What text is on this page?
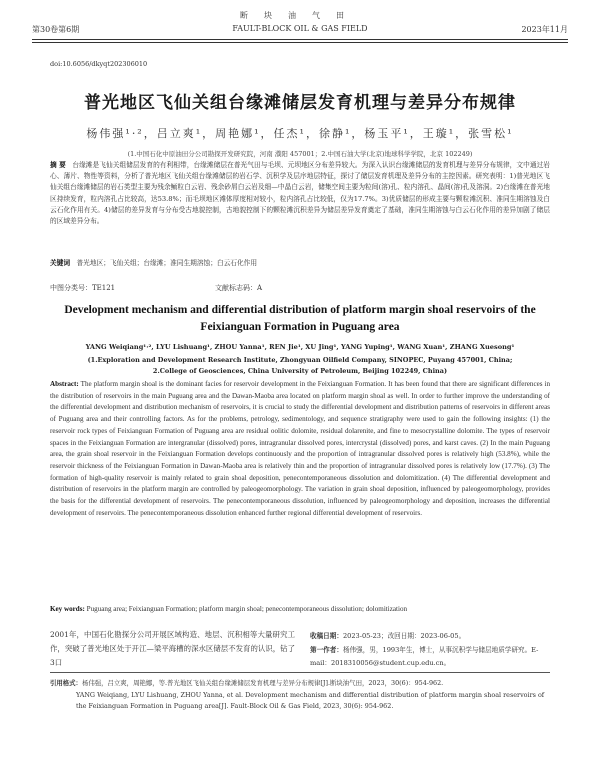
断块油气田
第30卷第6期	FAULT-BLOCK OIL & GAS FIELD	2023年11月
doi:10.6056/dkyqt202306010
普光地区飞仙关组台缘滩储层发育机理与差异分布规律
杨伟强¹·²，吕立爽¹，周艳娜¹，任杰¹，徐静¹，杨玉平¹，王璇¹，张雪松¹
(1.中国石化中原油田分公司勘探开发研究院，河南 濮阳 457001；2.中国石油大学(北京)地球科学学院，北京 102249)
摘 要 台缘滩是飞仙关组储层发育的有利相带，台缘滩储层在普光气田与毛坝、元坝地区分布差异较大。为深入认识台缘滩储层的发育机理与差异分布规律，文中通过岩心、薄片、物性等资料，分析了普光地区飞仙关组台缘滩储层的岩石学、沉积学及层序地层特征，探讨了储层发育机理及差异分布的主控因素。研究表明：1)普光地区飞仙关组台缘滩储层的岩石类型主要为残余鲕粒白云岩、残余砂屑白云岩及细—中晶白云岩，储集空间主要为粒间(溶)孔、粒内溶孔、晶间(溶)孔及溶洞。2)台缘滩在普光地区持续发育，粒内溶孔占比较高，达53.8%；而毛坝地区滩体厚度相对较小，粒内溶孔占比较低，仅为17.7%。3)优质储层的形成主要与颗粒滩沉积、准同生期溶蚀及白云石化作用有关。4)储层的差异发育与分布受古地貌控制，古地貌控制下的颗粒滩沉积差异为储层差异发育奠定了基础，准同生期溶蚀与白云石化作用的差异加剧了储层的区域差异分布。
关键词 普光地区；飞仙关组；台缘滩；准同生期溶蚀；白云石化作用
中图分类号：TE121	文献标志码：A
Development mechanism and differential distribution of platform margin shoal reservoirs of the Feixianguan Formation in Puguang area
YANG Weiqiang¹·², LYU Lishuang¹, ZHOU Yanna¹, REN Jie¹, XU Jing¹, YANG Yuping¹, WANG Xuan¹, ZHANG Xuesong¹
(1.Exploration and Development Research Institute, Zhongyuan Oilfield Company, SINOPEC, Puyang 457001, China;
2.College of Geosciences, China University of Petroleum, Beijing 102249, China)
Abstract: The platform margin shoal is the dominant facies for reservoir development in the Feixianguan Formation. It has been found that there are significant differences in the distribution of reservoirs in the main Puguang area and the Dawan-Maoba area located on platform margin shoal as well. In order to further improve the understanding of the differential development and distribution mechanism of reservoirs, it is crucial to study the differential development and distribution patterns of reservoirs in different areas of Puguang area and their controlling factors. As for the problems, petrology, sedimentology, and sequence stratigraphy were used to gain the following insights: (1) the reservoir rock types of Feixianguan Formation of Puguang area are residual oolitic dolomite, residual dolarenite, and fine to mesocrystalline dolomite. The types of reservoir spaces in the Feixianguan Formation are intergranular (dissolved) pores, intragranular dissolved pores, intercrystal (dissolved) pores, and karst caves. (2) In the main Puguang area, the grain shoal reservoir in the Feixianguan Formation develops continuously and the proportion of intragranular dissolved pores is relatively high (53.8%), while the reservoir thickness of the Feixianguan Formation in Dawan-Maoba area is relatively thin and the proportion of intragranular dissolved pores is relatively low (17.7%). (3) The formation of high-quality reservoir is mainly related to grain shoal deposition, penecontemporaneous dissolution and dolomitization. (4) The differential development and distribution of reservoirs in the platform margin are controlled by paleogeomorphology. The variation in grain shoal deposition, influenced by paleogeomorphology, provides the basis for the differential development of reservoirs. The penecontemporaneous dissolution, influenced by paleogeomorphology and deposition, increases the differential development of reservoirs. The penecontemporaneous dissolution enhanced further regional differential development of reservoirs.
Key words: Puguang area; Feixianguan Formation; platform margin shoal; penecontemporaneous dissolution; dolomitization
2001年，中国石化勘探分公司开展区域构造、地层、沉积相等大量研究工作，突破了普光地区处于开江—梁平海槽的深水区储层不发育的认识，钻了3口
收稿日期：2023-05-23；改回日期：2023-06-05。
第一作者：杨伟强，男，1993年生，博士，从事沉积学与储层地质学研究。E-mail：2018310056@student.cup.edu.cn。
引用格式：杨伟强，吕立爽，周艳娜，等.普光地区飞仙关组台缘滩储层发育机理与差异分布规律[J].断块油气田，2023，30(6)：954-962.
YANG Weiqiang, LYU Lishuang, ZHOU Yanna, et al. Development mechanism and differential distribution of platform margin shoal reservoirs of the Feixianguan Formation in Puguang area[J]. Fault-Block Oil & Gas Field, 2023, 30(6): 954-962.
